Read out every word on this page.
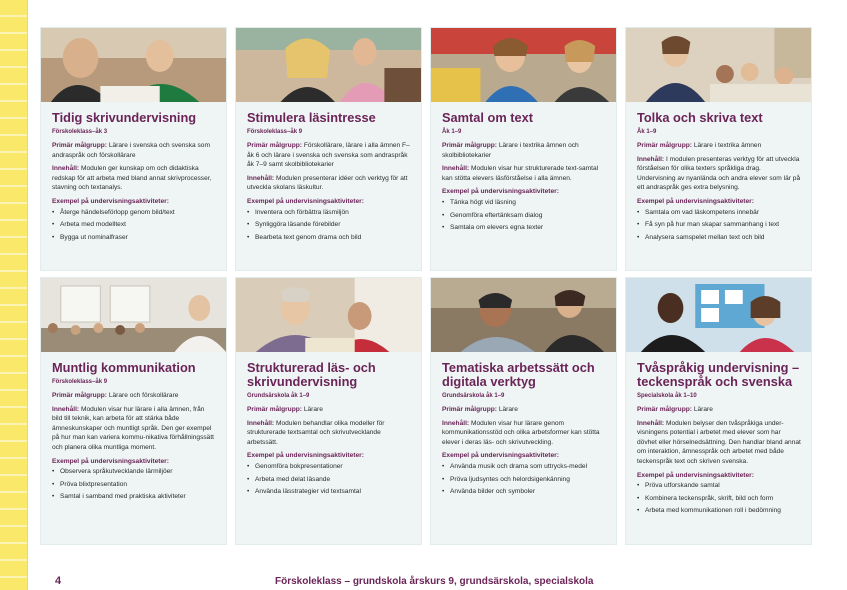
Tidig skrivundervisning
Förskoleklass–åk 3

Primär målgrupp: Lärare i svenska och svenska som andraspråk och förskollärare

Innehåll: Modulen ger kunskap om och didaktiska redskap för att arbeta med bland annat skrivprocesser, stavning och textanalys.

Exempel på undervisningsaktiviteter:
• Återge händelseförlopp genom bild/text
• Arbeta med modelltext
• Bygga ut nominalfraser
Muntlig kommunikation
Förskoleklass–åk 9

Primär målgrupp: Lärare och förskollärare

Innehåll: Modulen visar hur lärare i alla ämnen, från bild till teknik, kan arbeta för att stärka både ämneskunskaper och muntligt språk. Den ger exempel på hur man kan variera kommu-nikativa förhållningssätt och planera olika muntliga moment.

Exempel på undervisningsaktiviteter:
• Observera språkutvecklande lärmiljöer
• Pröva blixtpresentation
• Samtal i samband med praktiska aktiviteter
Stimulera läsintresse
Förskoleklass–åk 9

Primär målgrupp: Förskollärare, lärare i alla ämnen F–åk 6 och lärare i svenska och svenska som andraspråk åk 7–9 samt skolbibliotekarier

Innehåll: Modulen presenterar idéer och verktyg för att utveckla skolans läskultur.

Exempel på undervisningsaktiviteter:
• Inventera och förbättra läsmiljön
• Synliggöra läsande förebilder
• Bearbeta text genom drama och bild
Strukturerad läs- och skrivundervisning
Grundsärskola åk 1–9

Primär målgrupp: Lärare

Innehåll: Modulen behandlar olika modeller för strukturerade textsamtal och skrivutvecklande arbetssätt.

Exempel på undervisningsaktiviteter:
• Genomföra bokpresentationer
• Arbeta med delat läsande
• Använda lässtrategier vid textsamtal
Samtal om text
Åk 1–9

Primär målgrupp: Lärare i textrika ämnen och skolbibliotekarier

Innehåll: Modulen visar hur strukturerade text-samtal kan stötta elevers läsförståelse i alla ämnen.

Exempel på undervisningsaktiviteter:
• Tänka högt vid läsning
• Genomföra eftertänksam dialog
• Samtala om elevers egna texter
Tematiska arbetssätt och digitala verktyg
Grundsärskola åk 1–9

Primär målgrupp: Lärare

Innehåll: Modulen visar hur lärare genom kommunikationsstöd och olika arbetsformer kan stötta elever i deras läs- och skrivutveckling.

Exempel på undervisningsaktiviteter:
• Använda musik och drama som uttrycks-medel
• Pröva ljudsyntes och helordsigenkänning
• Använda bilder och symboler
Tolka och skriva text
Åk 1–9

Primär målgrupp: Lärare i textrika ämnen

Innehåll: I modulen presenteras verktyg för att utveckla förståelsen för olika texters språkliga drag. Undervisning av nyanlända och andra elever som lär på ett andraspråk ges extra belysning.

Exempel på undervisningsaktiviteter:
• Samtala om vad läskompetens innebär
• Få syn på hur man skapar sammanhang i text
• Analysera samspelet mellan text och bild
Tvåspråkig undervisning – teckenspråk och svenska
Specialskola åk 1–10

Primär målgrupp: Lärare

Innehåll: Modulen belyser den tvåspråkiga under-visningens potential i arbetet med elever som har dövhet eller hörselnedsättning. Den handlar bland annat om interaktion, ämnesspråk och arbetet med både teckenspråk text och skriven svenska.

Exempel på undervisningsaktiviteter:
• Pröva utforskande samtal
• Kombinera teckenspråk, skrift, bild och form
• Arbeta med kommunikationen roll i bedömning
4	Förskoleklass – grundskola årskurs 9, grundsärskola, specialskola
